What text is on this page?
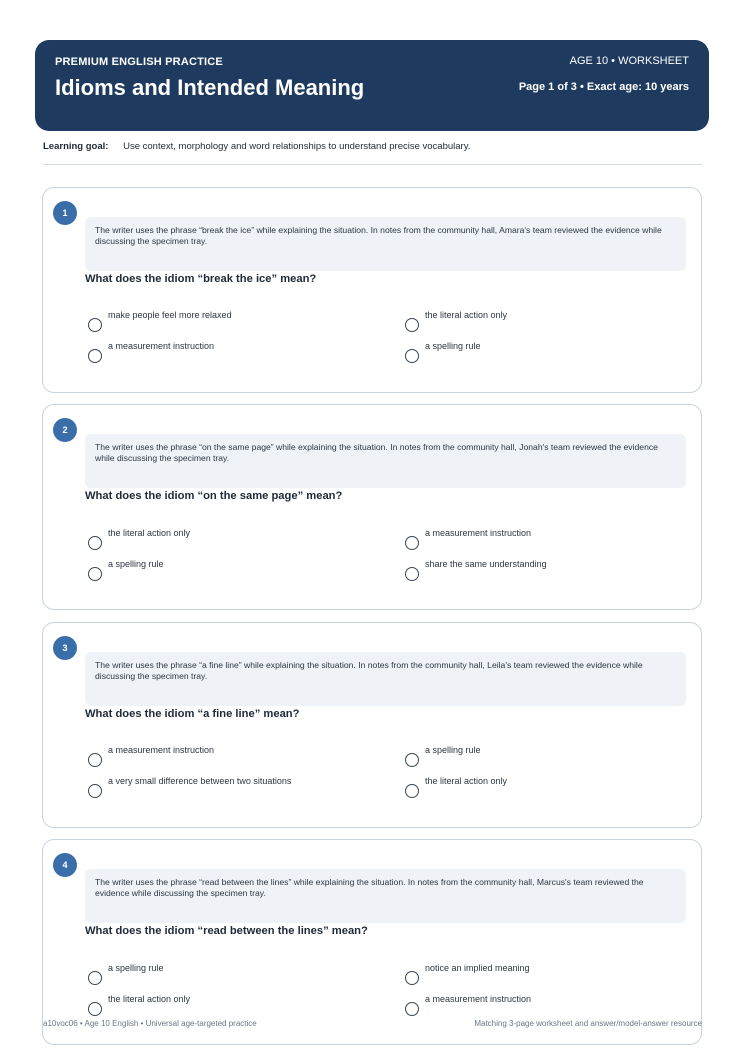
PREMIUM ENGLISH PRACTICE
Idioms and Intended Meaning
AGE 10 • WORKSHEET
Page 1 of 3 • Exact age: 10 years
Learning goal: Use context, morphology and word relationships to understand precise vocabulary.
1
The writer uses the phrase “break the ice” while explaining the situation. In notes from the community hall, Amara's team reviewed the evidence while discussing the specimen tray.
What does the idiom “break the ice” mean?
make people feel more relaxed	the literal action only
a measurement instruction	a spelling rule
2
The writer uses the phrase “on the same page” while explaining the situation. In notes from the community hall, Jonah's team reviewed the evidence while discussing the specimen tray.
What does the idiom “on the same page” mean?
the literal action only	a measurement instruction
a spelling rule	share the same understanding
3
The writer uses the phrase “a fine line” while explaining the situation. In notes from the community hall, Leila's team reviewed the evidence while discussing the specimen tray.
What does the idiom “a fine line” mean?
a measurement instruction	a spelling rule
a very small difference between two situations	the literal action only
4
The writer uses the phrase “read between the lines” while explaining the situation. In notes from the community hall, Marcus's team reviewed the evidence while discussing the specimen tray.
What does the idiom “read between the lines” mean?
a spelling rule	notice an implied meaning
the literal action only	a measurement instruction
a10voc06 • Age 10 English • Universal age-targeted practice	Matching 3-page worksheet and answer/model-answer resource
